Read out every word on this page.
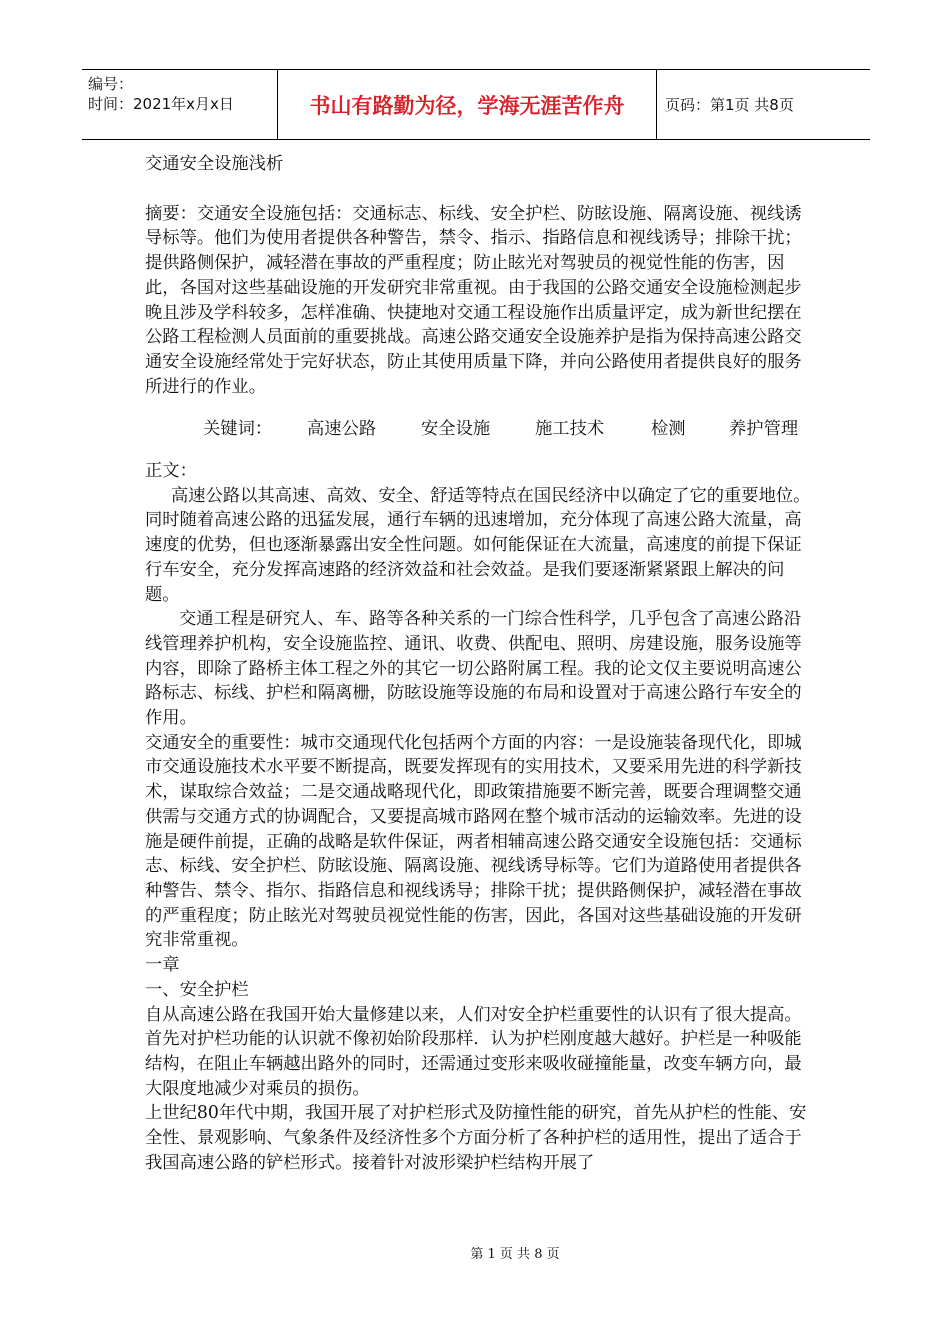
编号：
时间：2021年x月x日	书山有路勤为径，学海无涯苦作舟	页码：第1页 共8页

交通安全设施浅析

摘要：交通安全设施包括：交通标志、标线、安全护栏、防眩设施、隔离设施、视线诱导标等。他们为使用者提供各种警告，禁令、指示、指路信息和视线诱导；排除干扰；提供路侧保护，减轻潜在事故的严重程度；防止眩光对驾驶员的视觉性能的伤害，因此，各国对这些基础设施的开发研究非常重视。由于我国的公路交通安全设施检测起步晚且涉及学科较多，怎样准确、快捷地对交通工程设施作出质量评定，成为新世纪摆在公路工程检测人员面前的重要挑战。高速公路交通安全设施养护是指为保持高速公路交通安全设施经常处于完好状态，防止其使用质量下降，并向公路使用者提供良好的服务所进行的作业。

关键词：	高速公路	安全设施	施工技术	检测	养护管理

正文：

高速公路以其高速、高效、安全、舒适等特点在国民经济中以确定了它的重要地位。同时随着高速公路的迅猛发展，通行车辆的迅速增加，充分体现了高速公路大流量，高速度的优势，但也逐渐暴露出安全性问题。如何能保证在大流量，高速度的前提下保证行车安全，充分发挥高速路的经济效益和社会效益。是我们要逐渐紧紧跟上解决的问题。

交通工程是研究人、车、路等各种关系的一门综合性科学，几乎包含了高速公路沿线管理养护机构，安全设施监控、通讯、收费、供配电、照明、房建设施，服务设施等内容，即除了路桥主体工程之外的其它一切公路附属工程。我的论文仅主要说明高速公路标志、标线、护栏和隔离栅，防眩设施等设施的布局和设置对于高速公路行车安全的作用。

交通安全的重要性：城市交通现代化包括两个方面的内容：一是设施装备现代化，即城市交通设施技术水平要不断提高，既要发挥现有的实用技术，又要采用先进的科学新技术，谋取综合效益；二是交通战略现代化，即政策措施要不断完善，既要合理调整交通供需与交通方式的协调配合，又要提高城市路网在整个城市活动的运输效率。先进的设施是硬件前提，正确的战略是软件保证，两者相辅高速公路交通安全设施包括：交通标志、标线、安全护栏、防眩设施、隔离设施、视线诱导标等。它们为道路使用者提供各种警告、禁令、指尔、指路信息和视线诱导；排除干扰；提供路侧保护，减轻潜在事故的严重程度；防止眩光对驾驶员视觉性能的伤害，因此，各国对这些基础设施的开发研究非常重视。

一章

一、安全护栏

自从高速公路在我国开始大量修建以来，人们对安全护栏重要性的认识有了很大提高。首先对护栏功能的认识就不像初始阶段那样．认为护栏刚度越大越好。护栏是一种吸能结构，在阻止车辆越出路外的同时，还需通过变形来吸收碰撞能量，改变车辆方向，最大限度地减少对乘员的损伤。

上世纪80年代中期，我国开展了对护栏形式及防撞性能的研究，首先从护栏的性能、安全性、景观影响、气象条件及经济性多个方面分析了各种护栏的适用性，提出了适合于我国高速公路的铲栏形式。接着针对波形梁护栏结构开展了

第 1 页 共 8 页
